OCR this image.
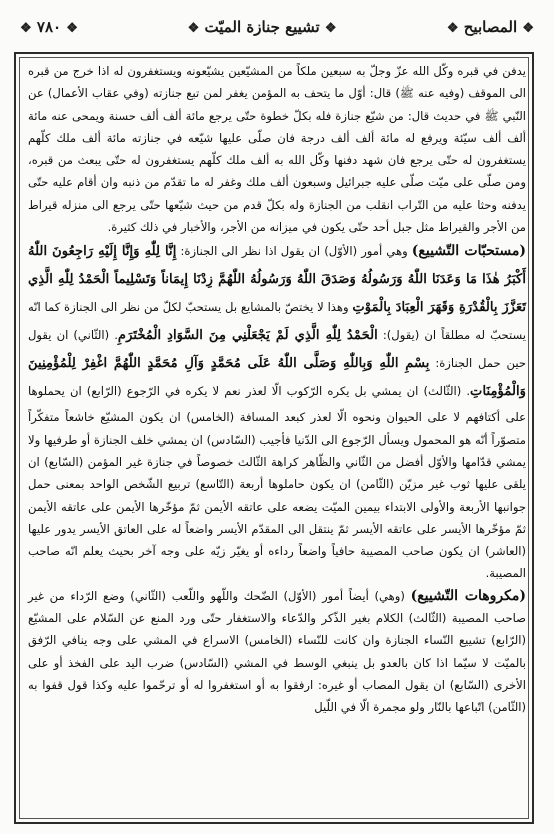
❖ ٧٨٠ ❖	❖ تشييع جنازة الميّت ❖	❖ المصابيح ❖

يدفن في قبره وكّل الله عزّ وجلّ به سبعين ملكاً من المشيّعين يشيّعونه ويستغفرون له اذا خرج من قبره الى الموقف (وفيه عنه ﷺ) قال: أوّل ما يتحف به المؤمن يغفر لمن تبع جنازته (وفي عقاب الأعمال) عن النّبي ﷺ في حديث قال: من شيّع جنازة فله بكلّ خطوة حتّى يرجع مائة ألف ألف حسنة ويمحى عنه مائة ألف ألف سيّئة ويرفع له مائة ألف ألف درجة فان صلّى عليها شيّعه في جنازته مائة ألف ملك كلّهم يستغفرون له حتّى يرجع فان شهد دفنها وكّل الله به ألف ملك كلّهم يستغفرون له حتّى يبعث من قبره، ومن صلّى على ميّت صلّى عليه جبرائيل وسبعون ألف ملك وغفر له ما تقدّم من ذنبه وان أقام عليه حتّى يدفنه وحثا عليه من التّراب انقلب من الجنازة وله بكلّ قدم من حيث شيّعها حتّى يرجع الى منزله قيراط من الأجر والقيراط مثل جبل أحد حتّى يكون في ميزانه من الأجر، والأخبار في ذلك كثيرة.

(مستحبّات التّشييع) وهي أمور (الأوّل) ان يقول اذا نظر الى الجنازة: إِنَّا لِلّٰهِ وَإِنَّا إِلَيْهِ رَاجِعُونَ اللّٰهُ أَكْبَرُ هٰذَا مَا وَعَدَنَا اللّٰهُ وَرَسُولُهُ وَصَدَقَ اللّٰهُ وَرَسُولُهُ اللّٰهُمَّ زِدْنَا إِيمَاناً وَتَسْلِيماً الْحَمْدُ لِلّٰهِ الَّذِي تَعَزَّزَ بِالْقُدْرَةِ وَقَهَرَ الْعِبَادَ بِالْمَوْتِ وهذا لا يختصّ بالمشايع بل يستحبّ لكلّ من نظر الى الجنازة كما انّه يستحبّ له مطلقاً ان (يقول): الْحَمْدُ لِلّٰهِ الَّذِي لَمْ يَجْعَلْنِي مِنَ السَّوَادِ الْمُخْتَرَمِ. (الثّاني) ان يقول حين حمل الجنازة: بِسْمِ اللّٰهِ وَبِاللّٰهِ وَصَلَّى اللّٰهُ عَلَى مُحَمَّدٍ وَآلِ مُحَمَّدٍ اللّٰهُمَّ اغْفِرْ لِلْمُؤْمِنِينَ وَالْمُؤْمِنَاتِ. (الثّالث) ان يمشي بل يكره الرّكوب الّا لعذر نعم لا يكره في الرّجوع (الرّابع) ان يحملوها على أكتافهم لا على الحيوان ونحوه الّا لعذر كبعد المسافة (الخامس) ان يكون المشيّع خاشعاً متفكّراً متصوّراً أنّه هو المحمول ويسأل الرّجوع الى الدّنيا فأجيب (السّادس) ان يمشي خلف الجنازة أو طرفيها ولا يمشي قدّامها والأوّل أفضل من الثّاني والظّاهر كراهة الثّالث خصوصاً في جنازة غير المؤمن (السّابع) ان يلقى عليها ثوب غير مزيّن (الثّامن) ان يكون حاملوها أربعة (التّاسع) تربيع الشّخص الواحد بمعنى حمل جوانبها الأربعة والأولى الابتداء بيمين الميّت يضعه على عاتقه الأيمن ثمّ مؤخّرها الأيمن على عاتقه الأيمن ثمّ مؤخّرها الأيسر على عاتقه الأيسر ثمّ ينتقل الى المقدّم الأيسر واضعاً له على العاتق الأيسر يدور عليها (العاشر) ان يكون صاحب المصيبة حافياً واضعاً رداءه أو يغيّر زيّه على وجه آخر بحيث يعلم انّه صاحب المصيبة.

(مكروهات التّشييع) (وهي) أيضاً أمور (الأوّل) الضّحك واللّهو واللّعب (الثّاني) وضع الرّداء من غير صاحب المصيبة (الثّالث) الكلام بغير الذّكر والدّعاء والاستغفار حتّى ورد المنع عن السّلام على المشيّع (الرّابع) تشييع النّساء الجنازة وان كانت للنّساء (الخامس) الاسراع في المشي على وجه ينافي الرّفق بالميّت لا سيّما اذا كان بالعدو بل ينبغي الوسط في المشي (السّادس) ضرب اليد على الفخذ أو على الأخرى (السّابع) ان يقول المصاب أو غيره: ارفقوا به أو استغفروا له أو ترحّموا عليه وكذا قول قفوا به (الثّامن) اتّباعها بالنّار ولو مجمرة الّا في اللّيل
